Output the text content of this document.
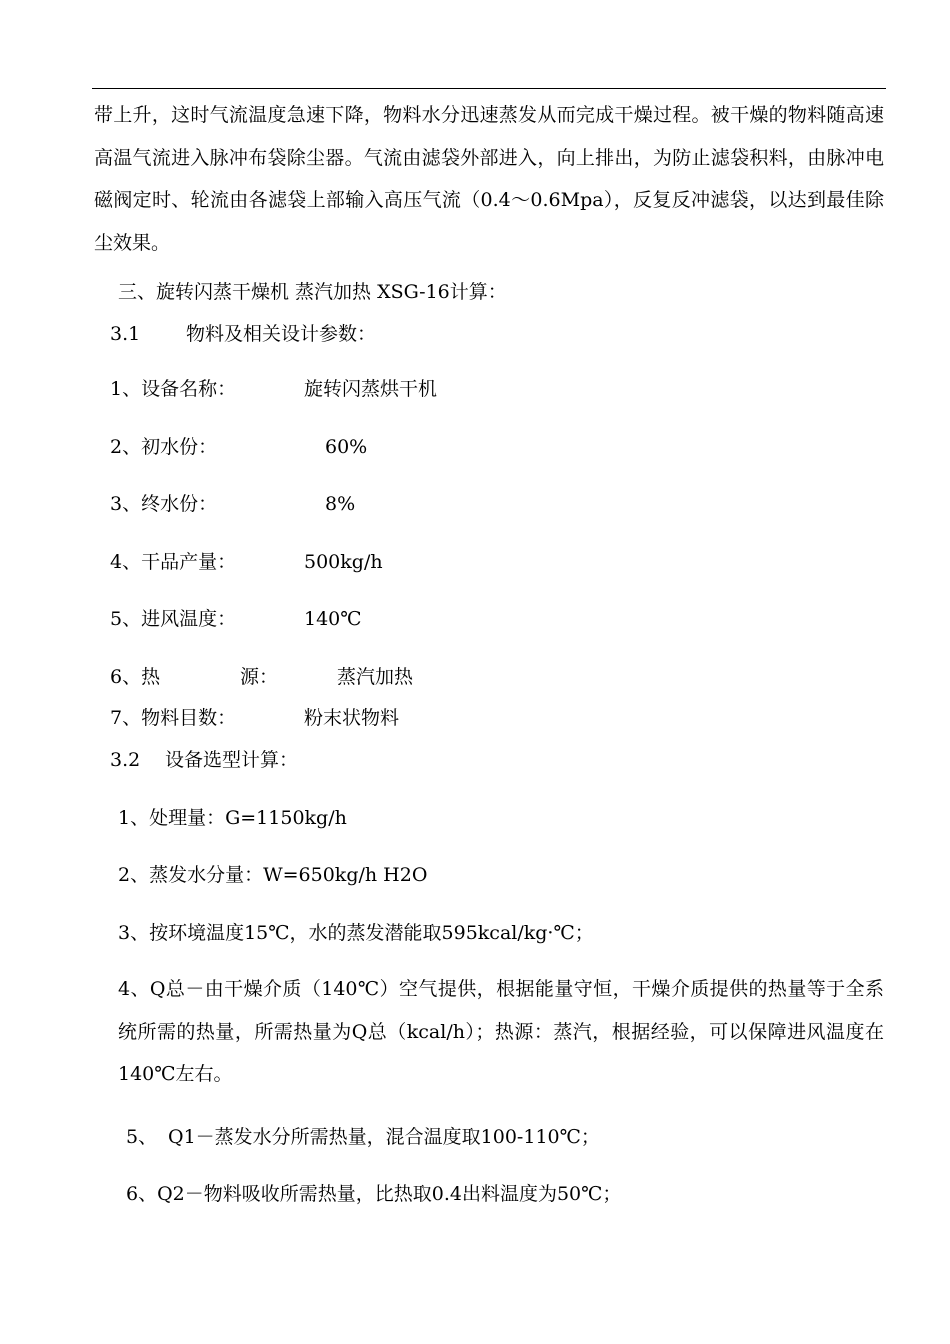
带上升，这时气流温度急速下降，物料水分迅速蒸发从而完成干燥过程。被干燥的物料随高速高温气流进入脉冲布袋除尘器。气流由滤袋外部进入，向上排出，为防止滤袋积料，由脉冲电磁阀定时、轮流由各滤袋上部输入高压气流（0.4～0.6Mpa），反复反冲滤袋，以达到最佳除尘效果。
三、旋转闪蒸干燥机 蒸汽加热 XSG-16计算：
3.1 物料及相关设计参数：
1、设备名称：	旋转闪蒸烘干机
2、初水份：	60%
3、终水份：	8%
4、干品产量：	500kg/h
5、进风温度：	140℃
6、热	源：	蒸汽加热
7、物料目数：	粉末状物料
3.2 设备选型计算：
1、处理量：G=1150kg/h
2、蒸发水分量：W=650kg/h H2O
3、按环境温度15℃，水的蒸发潜能取595kcal/kg·℃；
4、Q总－由干燥介质（140℃）空气提供，根据能量守恒，干燥介质提供的热量等于全系统所需的热量，所需热量为Q总（kcal/h）；热源：蒸汽，根据经验，可以保障进风温度在140℃左右。
5、 Q1－蒸发水分所需热量，混合温度取100-110℃；
6、Q2－物料吸收所需热量，比热取0.4出料温度为50℃；
